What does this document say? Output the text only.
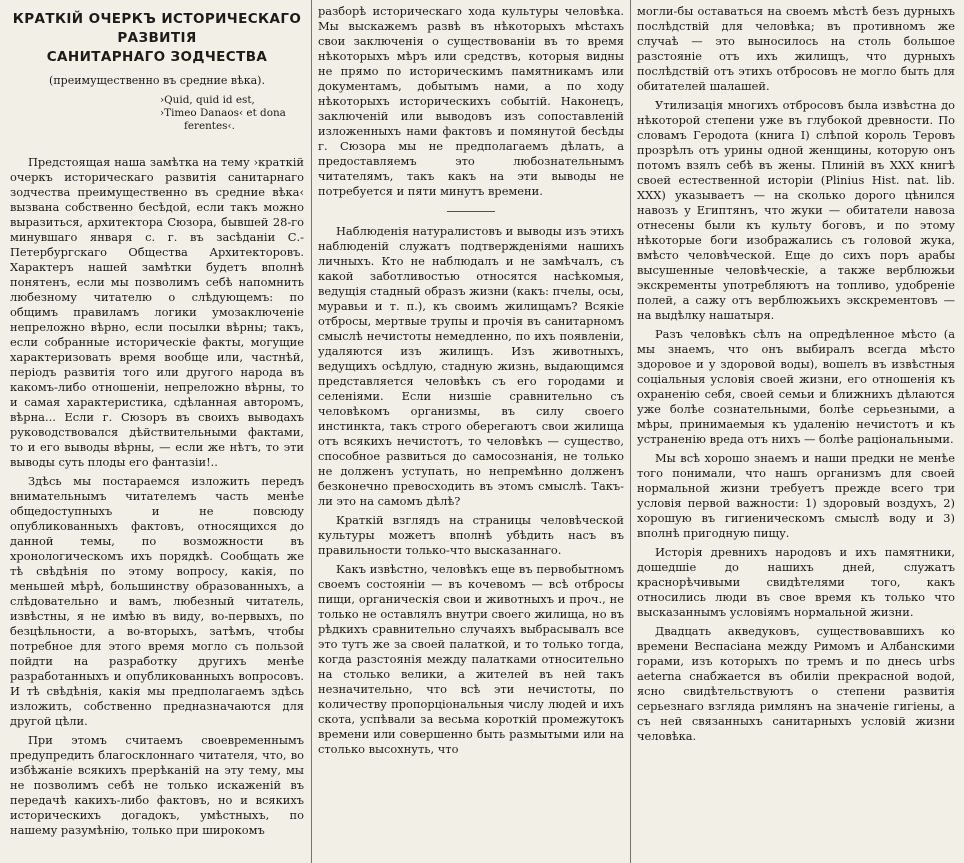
КРАТКIЙ ОЧЕРКЪ ИСТОРИЧЕСКАГО РАЗВИТIЯ
САНИТАРНАГО ЗОДЧЕСТВА
(преимущественно въ средние вѣка).
›Quid, quid id est,
›Timeo Danaos‹ et dona
ferentes‹.

Предстоящая наша замѣтка на тему ›краткiй очеркъ историческаго развитiя санитарнаго зодчества преимущественно въ средние вѣка‹ вызвана собственно бесѣдой, если такъ можно выразиться, архитектора Сюзора, бывшей 28-го минувшаго января с. г. въ засѣданiи С.-Петербургскаго Общества Архитекторовъ. Характеръ нашей замѣтки будетъ вполнѣ понятенъ, если мы позволимъ себѣ напомнить любезному читателю о слѣдующемъ: по общимъ правиламъ логики умозаключенiе непреложно вѣрно, если посылки вѣрны; такъ, если собранные историческiе факты, могущие характеризовать время вообще или, частнѣй, перiодъ развитiя того или другого народа въ какомъ-либо отношенiи, непреложно вѣрны, то и самая характеристика, сдѣланная авторомъ, вѣрна... Если г. Сюзоръ въ своихъ выводахъ руководствовался дѣйствительными фактами, то и его выводы вѣрны, — если же нѣтъ, то эти выводы суть плоды его фантазiи!..

Здѣсь мы постараемся изложить передъ внимательнымъ читателемъ часть менѣе общедоступныхъ и не повсюду опубликованныхъ фактовъ, относящихся до данной темы, по возможности въ хронологическомъ ихъ порядкѣ. Сообщать же тѣ свѣдѣнiя по этому вопросу, какiя, по меньшей мѣрѣ, большинству образованныхъ, а слѣдовательно и вамъ, любезный читатель, извѣстны, я не имѣю въ виду, во-первыхъ, по безцѣльности, а во-вторыхъ, затѣмъ, чтобы потребное для этого время могло съ пользой пойдти на разработку другихъ менѣе разработанныхъ и опубликованныхъ вопросовъ. И тѣ свѣдѣнiя, какiя мы предполагаемъ здѣсь изложить, собственно предназначаются для другой цѣли.

При этомъ считаемъ своевременнымъ предупредить благосклоннаго читателя, что, во избѣжанiе всякихъ прерѣканiй на эту тему, мы не позволимъ себѣ не только искаженiй въ передачѣ какихъ-либо фактовъ, но и всякихъ историческихъ догадокъ, умѣстныхъ, по нашему разумѣнiю, только при широкомъ

разборѣ историческаго хода культуры человѣка. Мы выскажемъ развѣ въ нѣкоторыхъ мѣстахъ свои заключенiя о существованiи въ то время нѣкоторыхъ мѣръ или средствъ, которыя видны не прямо по историческимъ памятникамъ или документамъ, добытымъ нами, а по ходу нѣкоторыхъ историческихъ событiй. Наконецъ, заключенiй или выводовъ изъ сопоставленiй изложенныхъ нами фактовъ и помянутой бесѣды г. Сюзора мы не предполагаемъ дѣлать, а предоставляемъ это любознательнымъ читателямъ, такъ какъ на эти выводы не потребуется и пяти минутъ времени.

Наблюденiя натуралистовъ и выводы изъ этихъ наблюденiй служатъ подтвержденiями нашихъ личныхъ. Кто не наблюдалъ и не замѣчалъ, съ какой заботливостью относятся насѣкомыя, ведущiя стадный образъ жизни (какъ: пчелы, осы, муравьи и т. п.), къ своимъ жилищамъ? Всякiе отбросы, мертвые трупы и прочiя въ санитарномъ смыслѣ нечистоты немедленно, по ихъ появленiи, удаляются изъ жилищъ. Изъ животныхъ, ведущихъ осѣдлую, стадную жизнь, выдающимся представляется человѣкъ съ его городами и селенiями. Если низшiе сравнительно съ человѣкомъ организмы, въ силу своего инстинкта, такъ строго оберегаютъ свои жилища отъ всякихъ нечистотъ, то человѣкъ — существо, способное развиться до самосознанiя, не только не долженъ уступать, но непремѣнно долженъ безконечно превосходить въ этомъ смыслѣ. Такъ-ли это на самомъ дѣлѣ?

Краткiй взглядъ на страницы человѣческой культуры можетъ вполнѣ убѣдить насъ въ правильности только-что высказаннаго.

Какъ извѣстно, человѣкъ еще въ первобытномъ своемъ состоянiи — въ кочевомъ — всѣ отбросы пищи, органическiя свои и животныхъ и проч., не только не оставлялъ внутри своего жилища, но въ рѣдкихъ сравнительно случаяхъ выбрасывалъ все это тутъ же за своей палаткой, и то только тогда, когда разстоянiя между палатками относительно на столько велики, а жителей въ ней такъ незначительно, что всѣ эти нечистоты, по количеству пропорцiональныя числу людей и ихъ скота, успѣвали за весьма короткiй промежутокъ времени или совершенно быть размытыми или на столько высохнуть, что

могли-бы оставаться на своемъ мѣстѣ безъ дурныхъ послѣдствiй для человѣка; въ противномъ же случаѣ — это выносилось на столь большое разстоянiе отъ ихъ жилищъ, что дурныхъ послѣдствiй отъ этихъ отбросовъ не могло быть для обитателей шалашей.

Утилизацiя многихъ отбросовъ была извѣстна до нѣкоторой степени уже въ глубокой древности. По словамъ Геродота (книга I) слѣпой король Теровъ прозрѣлъ отъ урины одной женщины, которую онъ потомъ взялъ себѣ въ жены. Плинiй въ XXX книгѣ своей естественной исторiи (Plinius Hist. nat. lib. XXX) указываетъ — на сколько дорого цѣнился навозъ у Египтянъ, что жуки — обитатели навоза отнесены были къ культу боговъ, и по этому нѣкоторые боги изображались съ головой жука, вмѣсто человѣческой. Еще до сихъ поръ арабы высушенные человѣческiе, а также верблюжьи экскременты употребляютъ на топливо, удобренiе полей, а сажу отъ верблюжьихъ экскрементовъ — на выдѣлку нашатыря.

Разъ человѣкъ сѣлъ на опредѣленное мѣсто (а мы знаемъ, что онъ выбиралъ всегда мѣсто здоровое и у здоровой воды), вошелъ въ извѣстныя соцiальныя условiя своей жизни, его отношенiя къ охраненiю себя, своей семьи и ближнихъ дѣлаются уже болѣе сознательными, болѣе серьезными, а мѣры, принимаемыя къ удаленiю нечистотъ и къ устраненiю вреда отъ нихъ — болѣе рацiональными.

Мы всѣ хорошо знаемъ и наши предки не менѣе того понимали, что нашъ организмъ для своей нормальной жизни требуетъ прежде всего три условiя первой важности: 1) здоровый воздухъ, 2) хорошую въ гигиеническомъ смыслѣ воду и 3) вполнѣ пригодную пищу.

Исторiя древнихъ народовъ и ихъ памятники, дошедшiе до нашихъ дней, служатъ краснорѣчивыми свидѣтелями того, какъ относились люди въ свое время къ только что высказаннымъ условiямъ нормальной жизни.

Двадцать акведуковъ, существовавшихъ ко времени Веспасiана между Римомъ и Албанскими горами, изъ которыхъ по тремъ и по днесь urbs aeterna снабжается въ обилiи прекрасной водой, ясно свидѣтельствуютъ о степени развитiя серьезнаго взгляда римлянъ на значенiе гигiены, а съ ней связанныхъ санитарныхъ условiй жизни человѣка.
